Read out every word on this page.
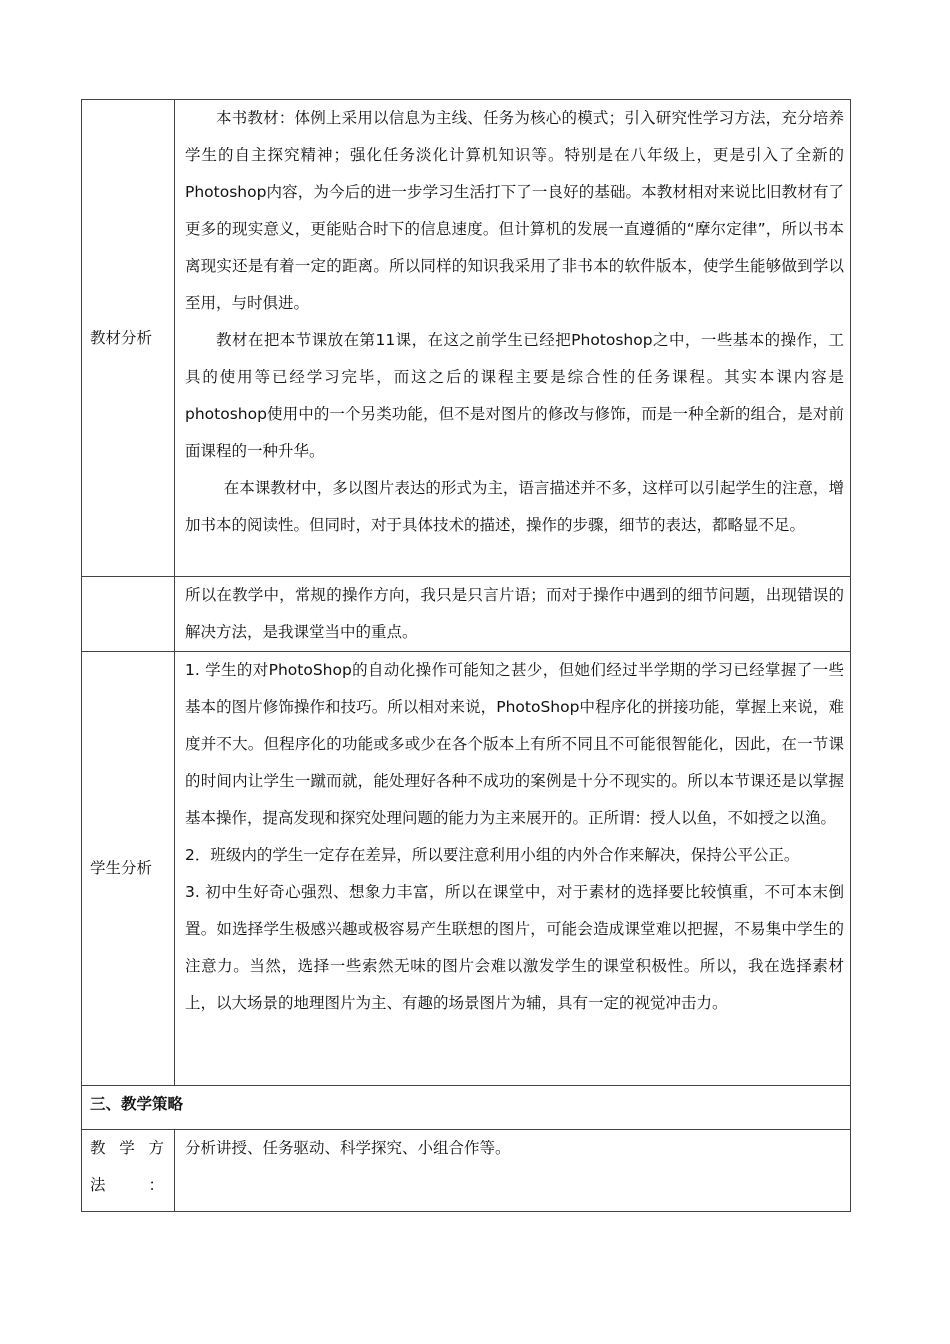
教材分析	本书教材：体例上采用以信息为主线、任务为核心的模式；引入研究性学习方法，充分培养学生的自主探究精神；强化任务淡化计算机知识等。特别是在八年级上，更是引入了全新的Photoshop内容，为今后的进一步学习生活打下了一良好的基础。本教材相对来说比旧教材有了更多的现实意义，更能贴合时下的信息速度。但计算机的发展一直遵循的“摩尔定律”，所以书本离现实还是有着一定的距离。所以同样的知识我采用了非书本的软件版本，使学生能够做到学以至用，与时俱进。

教材在把本节课放在第11课，在这之前学生已经把Photoshop之中，一些基本的操作，工具的使用等已经学习完毕，而这之后的课程主要是综合性的任务课程。其实本课内容是photoshop使用中的一个另类功能，但不是对图片的修改与修饰，而是一种全新的组合，是对前面课程的一种升华。

在本课教材中，多以图片表达的形式为主，语言描述并不多，这样可以引起学生的注意，增加书本的阅读性。但同时，对于具体技术的描述，操作的步骤，细节的表达，都略显不足。

	所以在教学中，常规的操作方向，我只是只言片语；而对于操作中遇到的细节问题，出现错误的解决方法，是我课堂当中的重点。
学生分析	1. 学生的对PhotoShop的自动化操作可能知之甚少，但她们经过半学期的学习已经掌握了一些基本的图片修饰操作和技巧。所以相对来说，PhotoShop中程序化的拼接功能，掌握上来说，难度并不大。但程序化的功能或多或少在各个版本上有所不同且不可能很智能化，因此，在一节课的时间内让学生一蹴而就，能处理好各种不成功的案例是十分不现实的。所以本节课还是以掌握基本操作，提高发现和探究处理问题的能力为主来展开的。正所谓：授人以鱼，不如授之以渔。

2．班级内的学生一定存在差异，所以要注意利用小组的内外合作来解决，保持公平公正。

3. 初中生好奇心强烈、想象力丰富，所以在课堂中，对于素材的选择要比较慎重，不可本末倒置。如选择学生极感兴趣或极容易产生联想的图片，可能会造成课堂难以把握，不易集中学生的注意力。当然，选择一些索然无味的图片会难以激发学生的课堂积极性。所以，我在选择素材上，以大场景的地理图片为主、有趣的场景图片为辅，具有一定的视觉冲击力。

三、教学策略	
教学方法：	分析讲授、任务驱动、科学探究、小组合作等。
